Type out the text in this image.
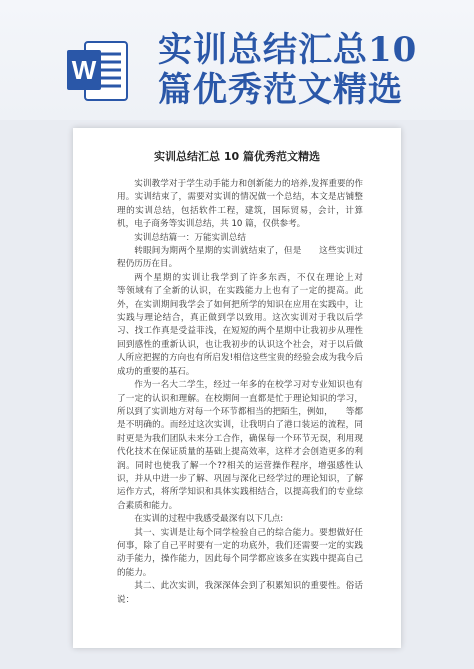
W 实训总结汇总10
篇优秀范文精选
实训总结汇总 10 篇优秀范文精选

实训教学对于学生动手能力和创新能力的培养,发挥重要的作用。实训结束了，需要对实训的情况做一个总结，本文是店铺整理的实训总结，包括软件工程，建筑，国际贸易，会计，计算机，电子商务等实训总结，共 10 篇，仅供参考。

实训总结篇一：万能实训总结

转眼间为期两个星期的实训就结束了，但是　　这些实训过程仍历历在目。

两个星期的实训让我学到了许多东西，不仅在理论上对　　等领域有了全新的认识，在实践能力上也有了一定的提高。此外，在实训期间我学会了如何把所学的知识在应用在实践中，让实践与理论结合，真正做到学以致用。这次实训对于我以后学习、找工作真是受益菲浅，在短短的两个星期中让我初步从理性回到感性的重新认识，也让我初步的认识这个社会，对于以后做人所应把握的方向也有所启发!相信这些宝贵的经验会成为我今后成功的重要的基石。

作为一名大二学生，经过一年多的在校学习对专业知识也有了一定的认识和理解。在校期间一直都是忙于理论知识的学习，所以到了实训地方对每一个环节都相当的把陌生，例如，　　等都是不明确的。而经过这次实训，让我明白了港口装运的流程，同时更是为我们团队未来分工合作，确保每一个环节无误，利用现代化技术在保证质量的基础上提高效率，这样才会创造更多的利润。同时也使我了解一个??相关的运营操作程序，增强感性认识，并从中进一步了解、巩固与深化已经学过的理论知识，了解运作方式，将所学知识和具体实践相结合，以提高我们的专业综合素质和能力。

在实训的过程中我感受最深有以下几点:

其一、实训是让每个同学检验自己的综合能力。要想做好任何事，除了自己平时要有一定的功底外，我们还需要一定的实践动手能力，操作能力，因此每个同学都应该多在实践中提高自己的能力。

其二、此次实训，我深深体会到了积累知识的重要性。俗话说：
